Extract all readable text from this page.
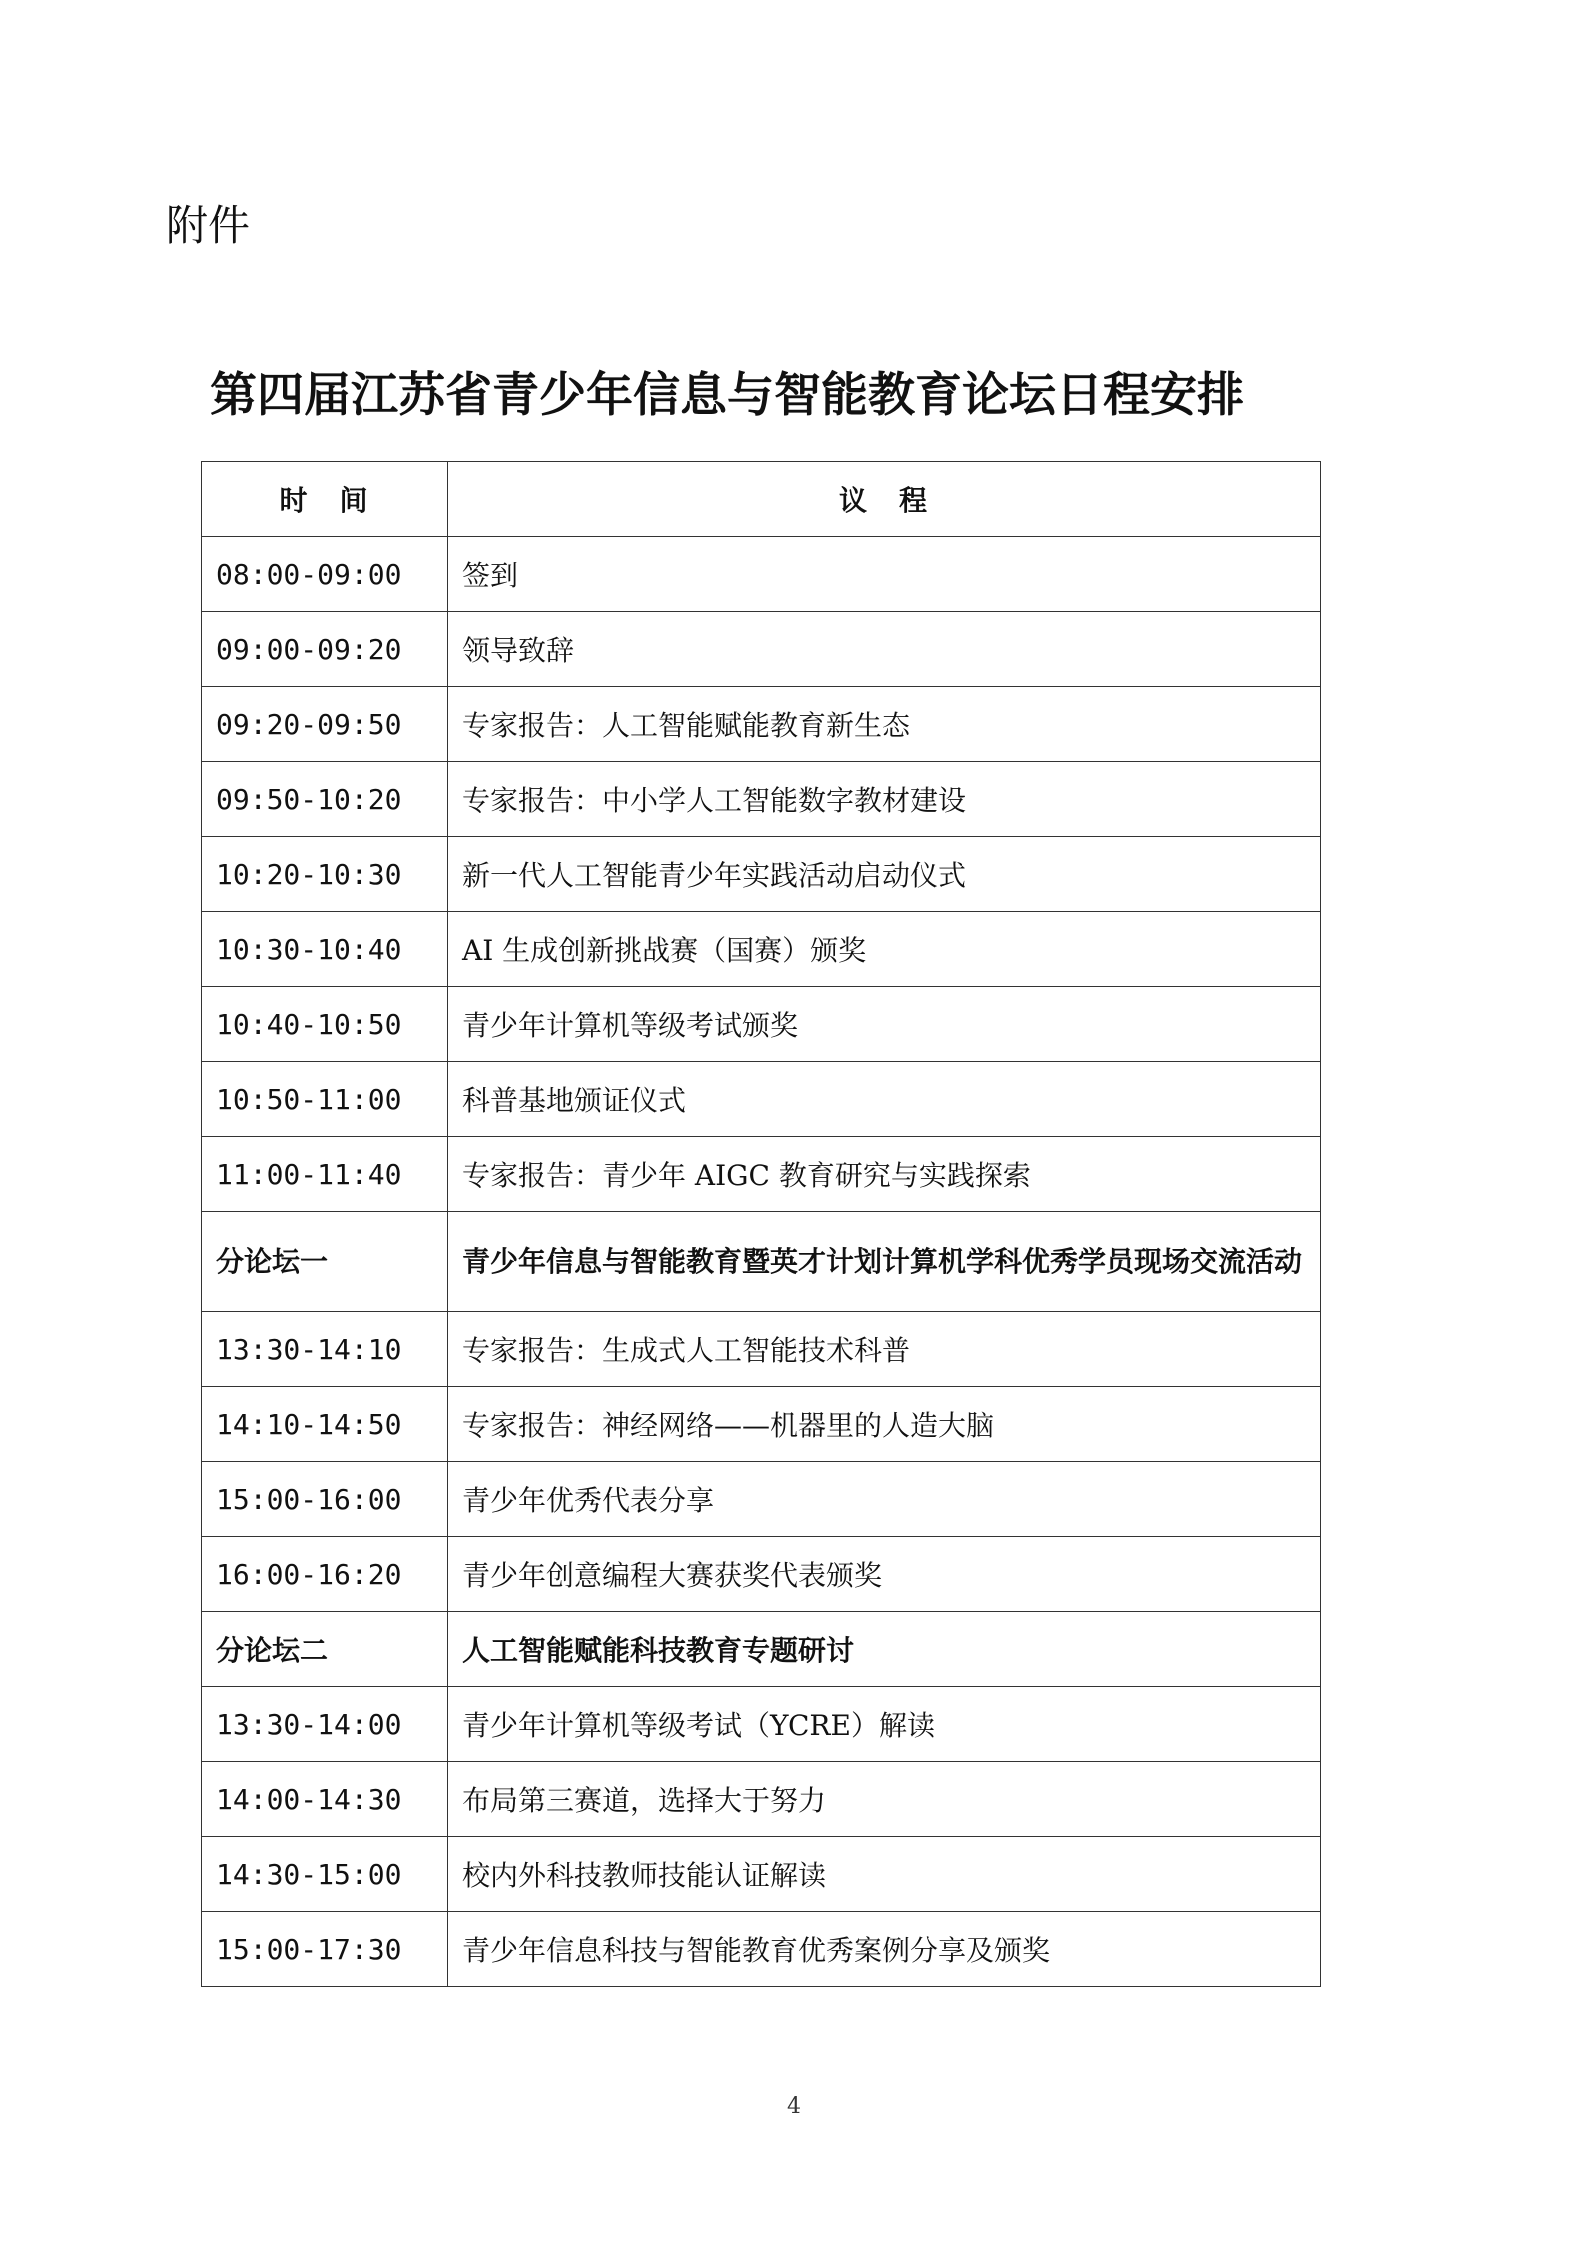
附件
第四届江苏省青少年信息与智能教育论坛日程安排
时　间	议　程
08:00-09:00	签到
09:00-09:20	领导致辞
09:20-09:50	专家报告：人工智能赋能教育新生态
09:50-10:20	专家报告：中小学人工智能数字教材建设
10:20-10:30	新一代人工智能青少年实践活动启动仪式
10:30-10:40	AI 生成创新挑战赛（国赛）颁奖
10:40-10:50	青少年计算机等级考试颁奖
10:50-11:00	科普基地颁证仪式
11:00-11:40	专家报告：青少年 AIGC 教育研究与实践探索
分论坛一	青少年信息与智能教育暨英才计划计算机学科优秀学员现场交流活动
13:30-14:10	专家报告：生成式人工智能技术科普
14:10-14:50	专家报告：神经网络——机器里的人造大脑
15:00-16:00	青少年优秀代表分享
16:00-16:20	青少年创意编程大赛获奖代表颁奖
分论坛二	人工智能赋能科技教育专题研讨
13:30-14:00	青少年计算机等级考试（YCRE）解读
14:00-14:30	布局第三赛道，选择大于努力
14:30-15:00	校内外科技教师技能认证解读
15:00-17:30	青少年信息科技与智能教育优秀案例分享及颁奖
4
